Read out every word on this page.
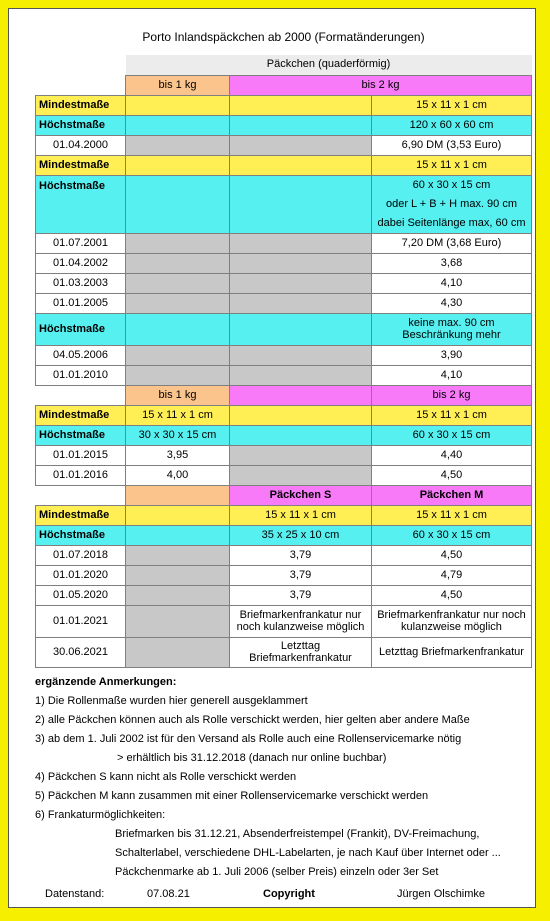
Porto Inlandspäckchen ab 2000 (Formatänderungen)			
	Päckchen (quaderförmig)		
	bis 1 kg	bis 2 kg	
Mindestmaße			15 x 11 x 1 cm
Höchstmaße			120 x 60 x 60 cm
01.04.2000			6,90 DM (3,53 Euro)
Mindestmaße			15 x 11 x 1 cm
Höchstmaße			60 x 30 x 15 cm
oder L + B + H max. 90 cm
dabei Seitenlänge max, 60 cm

01.07.2001			7,20 DM (3,68 Euro)
01.04.2002			3,68
01.03.2003			4,10
01.01.2005			4,30
Höchstmaße			keine max. 90 cm Beschränkung mehr
04.05.2006			3,90
01.01.2010			4,10
	bis 1 kg		bis 2 kg
Mindestmaße	15 x 11 x 1 cm		15 x 11 x 1 cm
Höchstmaße	30 x 30 x 15 cm		60 x 30 x 15 cm
01.01.2015	3,95		4,40
01.01.2016	4,00		4,50
		Päckchen S	Päckchen M
Mindestmaße		15 x 11 x 1 cm	15 x 11 x 1 cm
Höchstmaße		35 x 25 x 10 cm	60 x 30 x 15 cm
01.07.2018		3,79	4,50
01.01.2020		3,79	4,79
01.05.2020		3,79	4,50
01.01.2021		Briefmarkenfrankatur nur noch kulanzweise möglich	Briefmarkenfrankatur nur noch kulanzweise möglich
30.06.2021		Letzttag Briefmarkenfrankatur	Letzttag Briefmarkenfrankatur
ergänzende Anmerkungen:
1) Die Rollenmaße wurden hier generell ausgeklammert
2) alle Päckchen können auch als Rolle verschickt werden, hier gelten aber andere Maße
3) ab dem 1. Juli 2002 ist für den Versand als Rolle auch eine Rollenservicemarke nötig
> erhältlich bis 31.12.2018 (danach nur online buchbar)
4) Päckchen S kann nicht als Rolle verschickt werden
5) Päckchen M kann zusammen mit einer Rollenservicemarke verschickt werden
6) Frankaturmöglichkeiten:
Briefmarken bis 31.12.21, Absenderfreistempel (Frankit), DV-Freimachung,
Schalterlabel, verschiedene DHL-Labelarten, je nach Kauf über Internet oder ...
Päckchenmarke ab 1. Juli 2006 (selber Preis) einzeln oder 3er Set
Datenstand:	07.08.21	Copyright	Jürgen Olschimke
